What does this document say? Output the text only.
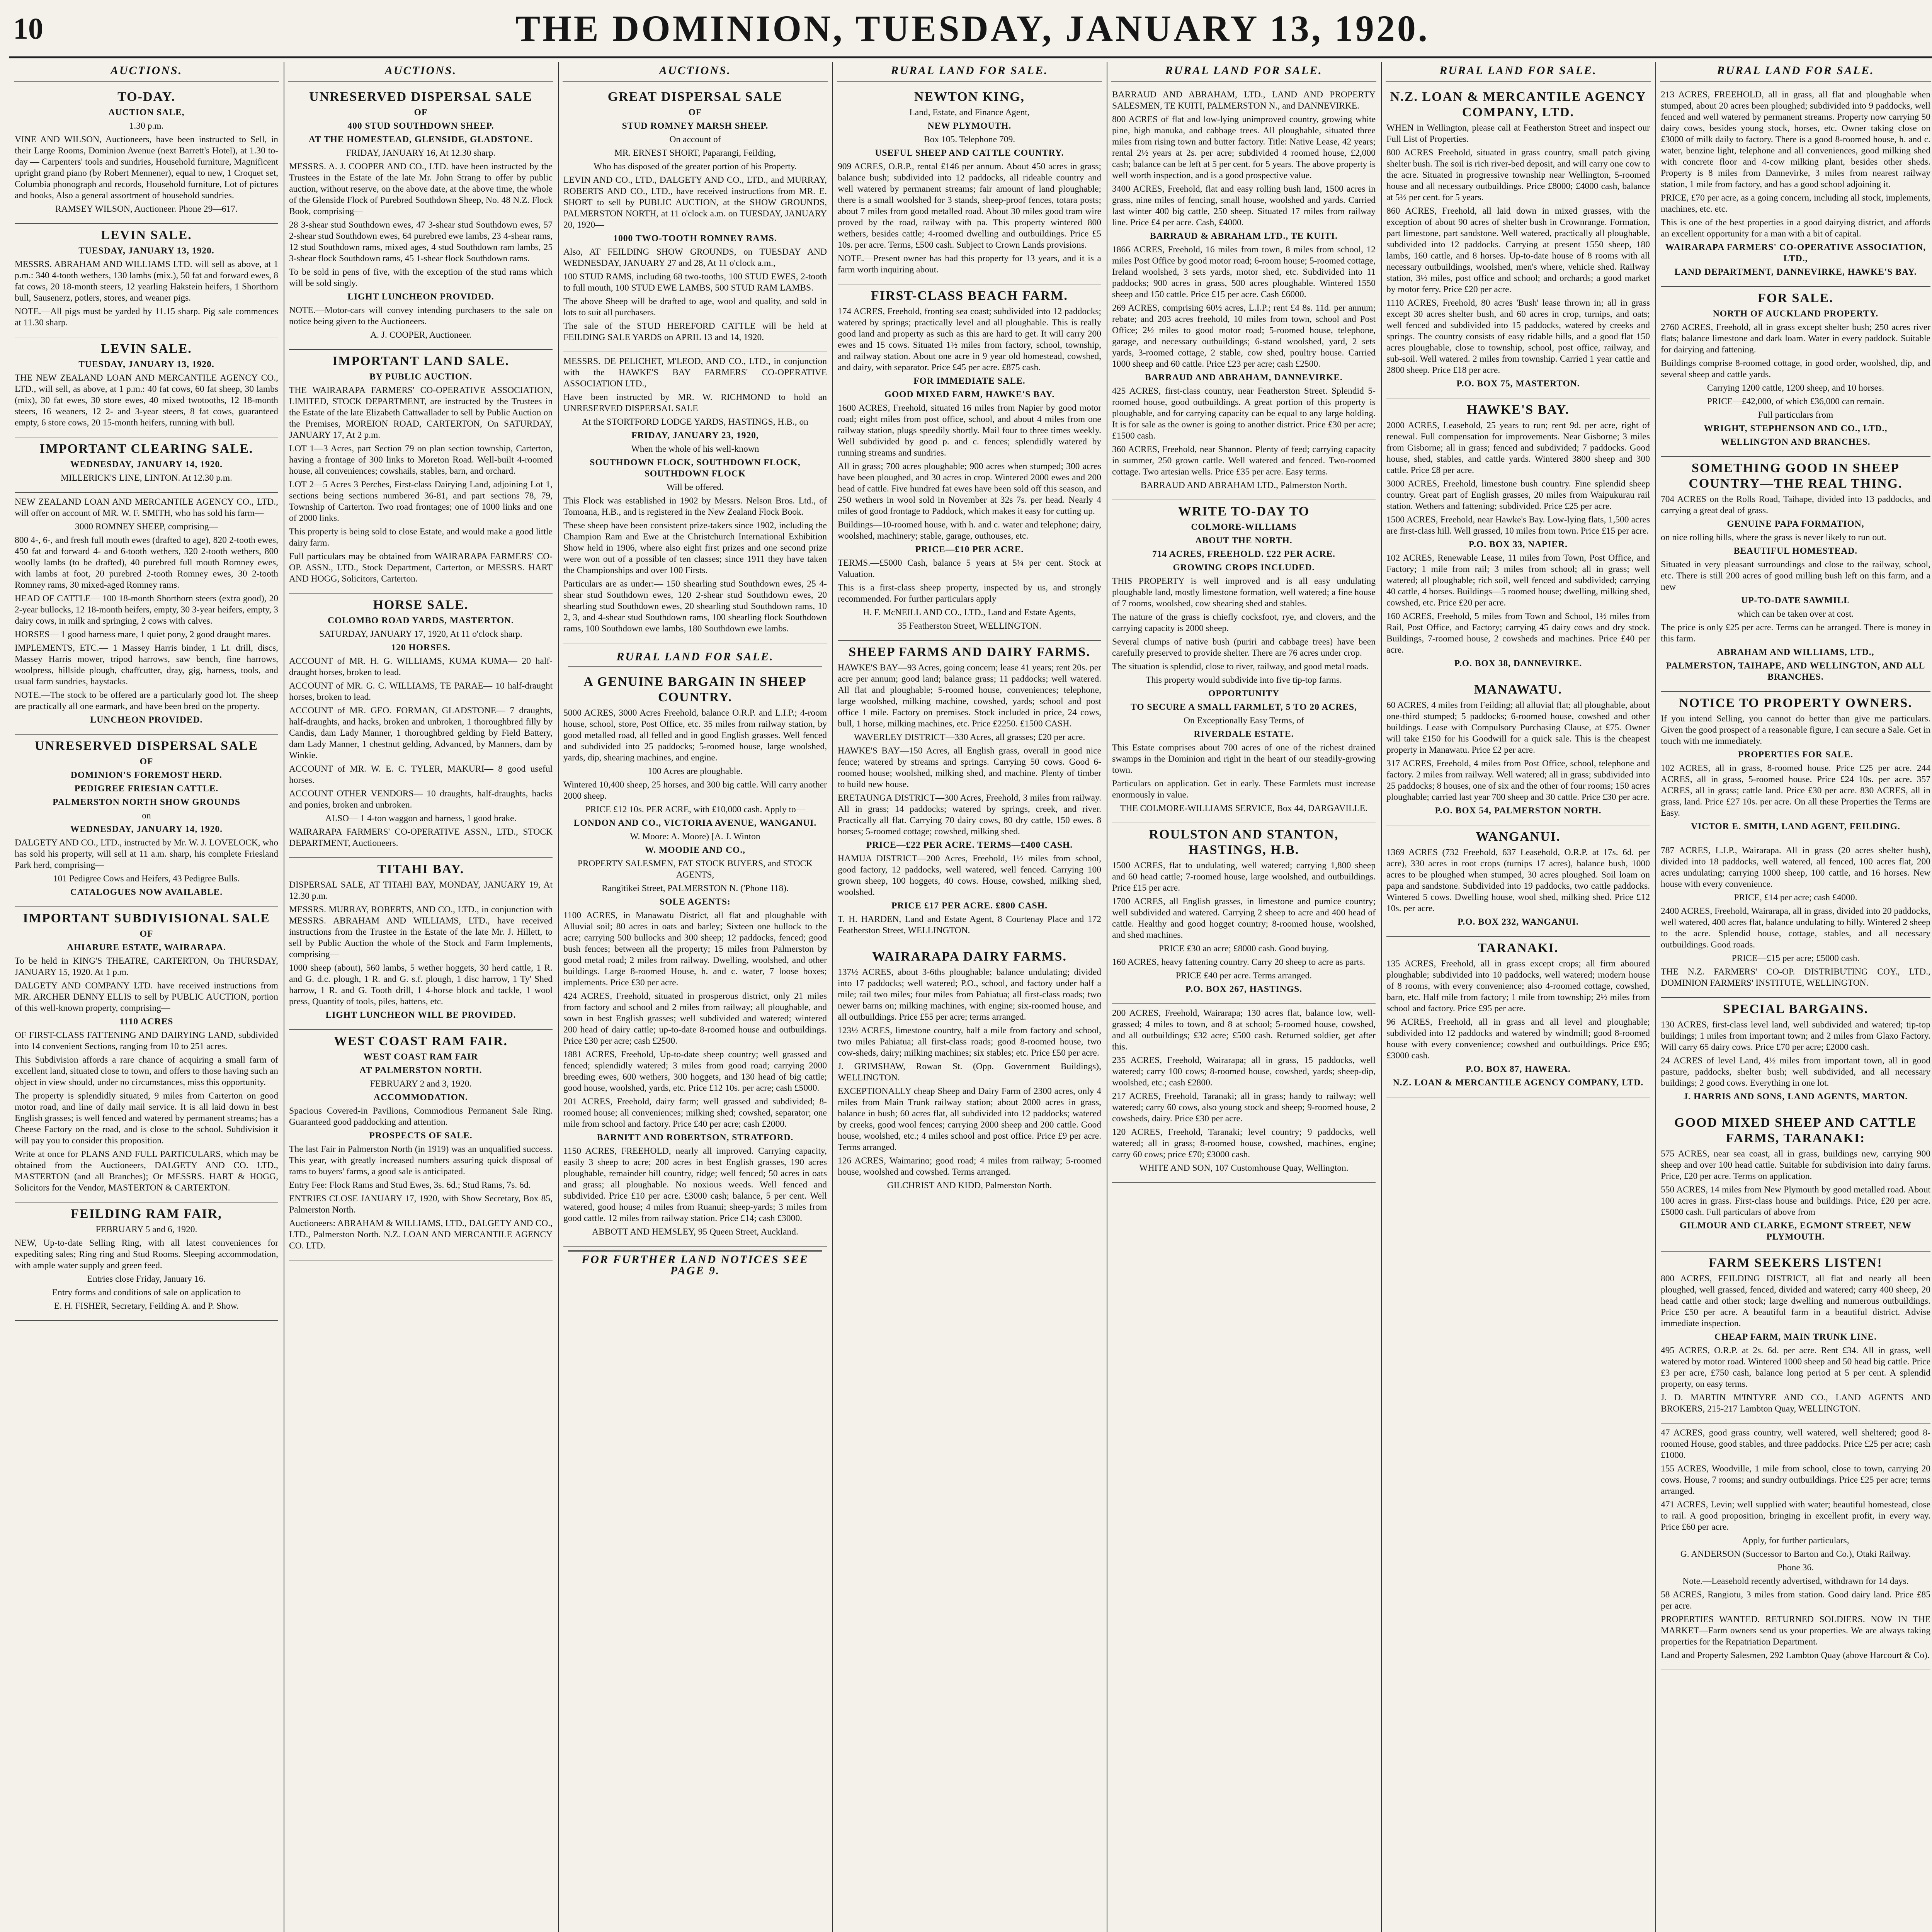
10	THE DOMINION, TUESDAY, JANUARY 13, 1920.
AUCTIONS.

TO-DAY.

AUCTION SALE,

1.30 p.m.

VINE AND WILSON, Auctioneers, have been instructed to Sell, in their Large Rooms, Dominion Avenue (next Barrett's Hotel), at 1.30 to-day — Carpenters' tools and sundries, Household furniture, Magnificent upright grand piano (by Robert Mennener), equal to new, 1 Croquet set, Columbia phonograph and records, Household furniture, Lot of pictures and books, Also a general assortment of household sundries.

RAMSEY WILSON, Auctioneer. Phone 29—617.

LEVIN SALE.

TUESDAY, JANUARY 13, 1920.

MESSRS. ABRAHAM AND WILLIAMS LTD. will sell as above, at 1 p.m.: 340 4-tooth wethers, 130 lambs (mix.), 50 fat and forward ewes, 8 fat cows, 20 18-month steers, 12 yearling Hakstein heifers, 1 Shorthorn bull, Sausenerz, potlers, stores, and weaner pigs.

NOTE.—All pigs must be yarded by 11.15 sharp. Pig sale commences at 11.30 sharp.

LEVIN SALE.

TUESDAY, JANUARY 13, 1920.

THE NEW ZEALAND LOAN AND MERCANTILE AGENCY CO., LTD., will sell, as above, at 1 p.m.: 40 fat cows, 60 fat sheep, 30 lambs (mix), 30 fat ewes, 30 store ewes, 40 mixed twotooths, 12 18-month steers, 16 weaners, 12 2- and 3-year steers, 8 fat cows, guaranteed empty, 6 store cows, 20 15-month heifers, running with bull.

IMPORTANT CLEARING SALE.

WEDNESDAY, JANUARY 14, 1920.

MILLERICK'S LINE, LINTON. At 12.30 p.m.

NEW ZEALAND LOAN AND MERCANTILE AGENCY CO., LTD., will offer on account of MR. W. F. SMITH, who has sold his farm—

3000 ROMNEY SHEEP, comprising—

800 4-, 6-, and fresh full mouth ewes (drafted to age), 820 2-tooth ewes, 450 fat and forward 4- and 6-tooth wethers, 320 2-tooth wethers, 800 woolly lambs (to be drafted), 40 purebred full mouth Romney ewes, with lambs at foot, 20 purebred 2-tooth Romney ewes, 30 2-tooth Romney rams, 30 mixed-aged Romney rams.

HEAD OF CATTLE— 100 18-month Shorthorn steers (extra good), 20 2-year bullocks, 12 18-month heifers, empty, 30 3-year heifers, empty, 3 dairy cows, in milk and springing, 2 cows with calves.

HORSES— 1 good harness mare, 1 quiet pony, 2 good draught mares.

IMPLEMENTS, ETC.— 1 Massey Harris binder, 1 Lt. drill, discs, Massey Harris mower, tripod harrows, saw bench, fine harrows, woolpress, hillside plough, chaffcutter, dray, gig, harness, tools, and usual farm sundries, haystacks.

NOTE.—The stock to be offered are a particularly good lot. The sheep are practically all one earmark, and have been bred on the property.

LUNCHEON PROVIDED.

UNRESERVED DISPERSAL SALE

OF

DOMINION'S FOREMOST HERD.

PEDIGREE FRIESIAN CATTLE.

PALMERSTON NORTH SHOW GROUNDS

on

WEDNESDAY, JANUARY 14, 1920.

DALGETY AND CO., LTD., instructed by Mr. W. J. LOVELOCK, who has sold his property, will sell at 11 a.m. sharp, his complete Friesland Park herd, comprising—

101 Pedigree Cows and Heifers, 43 Pedigree Bulls.

CATALOGUES NOW AVAILABLE.

IMPORTANT SUBDIVISIONAL SALE

OF

AHIARURE ESTATE, WAIRARAPA.

To be held in KING'S THEATRE, CARTERTON, On THURSDAY, JANUARY 15, 1920. At 1 p.m.

DALGETY AND COMPANY LTD. have received instructions from MR. ARCHER DENNY ELLIS to sell by PUBLIC AUCTION, portion of this well-known property, comprising—

1110 ACRES

OF FIRST-CLASS FATTENING AND DAIRYING LAND, subdivided into 14 convenient Sections, ranging from 10 to 251 acres.

This Subdivision affords a rare chance of acquiring a small farm of excellent land, situated close to town, and offers to those having such an object in view should, under no circumstances, miss this opportunity.

The property is splendidly situated, 9 miles from Carterton on good motor road, and line of daily mail service. It is all laid down in best English grasses; is well fenced and watered by permanent streams; has a Cheese Factory on the road, and is close to the school. Subdivision it will pay you to consider this proposition.

Write at once for PLANS AND FULL PARTICULARS, which may be obtained from the Auctioneers, DALGETY AND CO. LTD., MASTERTON (and all Branches); Or MESSRS. HART & HOGG, Solicitors for the Vendor, MASTERTON & CARTERTON.

FEILDING RAM FAIR,

FEBRUARY 5 and 6, 1920.

NEW, Up-to-date Selling Ring, with all latest conveniences for expediting sales; Ring ring and Stud Rooms. Sleeping accommodation, with ample water supply and green feed.

Entries close Friday, January 16.

Entry forms and conditions of sale on application to

E. H. FISHER, Secretary, Feilding A. and P. Show.

AUCTIONS.

UNRESERVED DISPERSAL SALE

OF

400 STUD SOUTHDOWN SHEEP.

AT THE HOMESTEAD, GLENSIDE, GLADSTONE.

FRIDAY, JANUARY 16, At 12.30 sharp.

MESSRS. A. J. COOPER AND CO., LTD. have been instructed by the Trustees in the Estate of the late Mr. John Strang to offer by public auction, without reserve, on the above date, at the above time, the whole of the Glenside Flock of Purebred Southdown Sheep, No. 48 N.Z. Flock Book, comprising—

28 3-shear stud Southdown ewes, 47 3-shear stud Southdown ewes, 57 2-shear stud Southdown ewes, 64 purebred ewe lambs, 23 4-shear rams, 12 stud Southdown rams, mixed ages, 4 stud Southdown ram lambs, 25 3-shear flock Southdown rams, 45 1-shear flock Southdown rams.

To be sold in pens of five, with the exception of the stud rams which will be sold singly.

LIGHT LUNCHEON PROVIDED.

NOTE.—Motor-cars will convey intending purchasers to the sale on notice being given to the Auctioneers.

A. J. COOPER, Auctioneer.

IMPORTANT LAND SALE.

BY PUBLIC AUCTION.

THE WAIRARAPA FARMERS' CO-OPERATIVE ASSOCIATION, LIMITED, STOCK DEPARTMENT, are instructed by the Trustees in the Estate of the late Elizabeth Cattwallader to sell by Public Auction on the Premises, MOREION ROAD, CARTERTON, On SATURDAY, JANUARY 17, At 2 p.m.

LOT 1—3 Acres, part Section 79 on plan section township, Carterton, having a frontage of 300 links to Moreton Road. Well-built 4-roomed house, all conveniences; cowshails, stables, barn, and orchard.

LOT 2—5 Acres 3 Perches, First-class Dairying Land, adjoining Lot 1, sections being sections numbered 36-81, and part sections 78, 79, Township of Carterton. Two road frontages; one of 1000 links and one of 2000 links.

This property is being sold to close Estate, and would make a good little dairy farm.

Full particulars may be obtained from WAIRARAPA FARMERS' CO-OP. ASSN., LTD., Stock Department, Carterton, or MESSRS. HART AND HOGG, Solicitors, Carterton.

HORSE SALE.

COLOMBO ROAD YARDS, MASTERTON.

SATURDAY, JANUARY 17, 1920, At 11 o'clock sharp.

120 HORSES.

ACCOUNT of MR. H. G. WILLIAMS, KUMA KUMA— 20 half-draught horses, broken to lead.

ACCOUNT of MR. G. C. WILLIAMS, TE PARAE— 10 half-draught horses, broken to lead.

ACCOUNT of MR. GEO. FORMAN, GLADSTONE— 7 draughts, half-draughts, and hacks, broken and unbroken, 1 thoroughbred filly by Candis, dam Lady Manner, 1 thoroughbred gelding by Field Battery, dam Lady Manner, 1 chestnut gelding, Advanced, by Manners, dam by Winkie.

ACCOUNT of MR. W. E. C. TYLER, MAKURI— 8 good useful horses.

ACCOUNT OTHER VENDORS— 10 draughts, half-draughts, hacks and ponies, broken and unbroken.

ALSO— 1 4-ton waggon and harness, 1 good brake.

WAIRARAPA FARMERS' CO-OPERATIVE ASSN., LTD., STOCK DEPARTMENT, Auctioneers.

TITAHI BAY.

DISPERSAL SALE, AT TITAHI BAY, MONDAY, JANUARY 19, At 12.30 p.m.

MESSRS. MURRAY, ROBERTS, AND CO., LTD., in conjunction with MESSRS. ABRAHAM AND WILLIAMS, LTD., have received instructions from the Trustee in the Estate of the late Mr. J. Hillett, to sell by Public Auction the whole of the Stock and Farm Implements, comprising—

1000 sheep (about), 560 lambs, 5 wether hoggets, 30 herd cattle, 1 R. and G. d.c. plough, 1 R. and G. s.f. plough, 1 disc harrow, 1 Ty' Shed harrow, 1 R. and G. Tooth drill, 1 4-horse block and tackle, 1 wool press, Quantity of tools, piles, battens, etc.

LIGHT LUNCHEON WILL BE PROVIDED.

WEST COAST RAM FAIR.

WEST COAST RAM FAIR

AT PALMERSTON NORTH.

FEBRUARY 2 and 3, 1920.

ACCOMMODATION.

Spacious Covered-in Pavilions, Commodious Permanent Sale Ring. Guaranteed good paddocking and attention.

PROSPECTS OF SALE.

The last Fair in Palmerston North (in 1919) was an unqualified success. This year, with greatly increased numbers assuring quick disposal of rams to buyers' farms, a good sale is anticipated.

Entry Fee: Flock Rams and Stud Ewes, 3s. 6d.; Stud Rams, 7s. 6d.

ENTRIES CLOSE JANUARY 17, 1920, with Show Secretary, Box 85, Palmerston North.

Auctioneers: ABRAHAM & WILLIAMS, LTD., DALGETY AND CO., LTD., Palmerston North. N.Z. LOAN AND MERCANTILE AGENCY CO. LTD.

AUCTIONS.

GREAT DISPERSAL SALE

OF

STUD ROMNEY MARSH SHEEP.

On account of

MR. ERNEST SHORT, Paparangi, Feilding,

Who has disposed of the greater portion of his Property.

LEVIN AND CO., LTD., DALGETY AND CO., LTD., and MURRAY, ROBERTS AND CO., LTD., have received instructions from MR. E. SHORT to sell by PUBLIC AUCTION, at the SHOW GROUNDS, PALMERSTON NORTH, at 11 o'clock a.m. on TUESDAY, JANUARY 20, 1920—

1000 TWO-TOOTH ROMNEY RAMS.

Also, AT FEILDING SHOW GROUNDS, on TUESDAY AND WEDNESDAY, JANUARY 27 and 28, At 11 o'clock a.m.,

100 STUD RAMS, including 68 two-tooths, 100 STUD EWES, 2-tooth to full mouth, 100 STUD EWE LAMBS, 500 STUD RAM LAMBS.

The above Sheep will be drafted to age, wool and quality, and sold in lots to suit all purchasers.

The sale of the STUD HEREFORD CATTLE will be held at FEILDING SALE YARDS on APRIL 13 and 14, 1920.

MESSRS. DE PELICHET, M'LEOD, AND CO., LTD., in conjunction with the HAWKE'S BAY FARMERS' CO-OPERATIVE ASSOCIATION LTD.,

Have been instructed by MR. W. RICHMOND to hold an UNRESERVED DISPERSAL SALE

At the STORTFORD LODGE YARDS, HASTINGS, H.B., on

FRIDAY, JANUARY 23, 1920,

When the whole of his well-known

SOUTHDOWN FLOCK, SOUTHDOWN FLOCK, SOUTHDOWN FLOCK

Will be offered.

This Flock was established in 1902 by Messrs. Nelson Bros. Ltd., of Tomoana, H.B., and is registered in the New Zealand Flock Book.

These sheep have been consistent prize-takers since 1902, including the Champion Ram and Ewe at the Christchurch International Exhibition Show held in 1906, where also eight first prizes and one second prize were won out of a possible of ten classes; since 1911 they have taken the Championships and over 100 Firsts.

Particulars are as under:— 150 shearling stud Southdown ewes, 25 4-shear stud Southdown ewes, 120 2-shear stud Southdown ewes, 20 shearling stud Southdown ewes, 20 shearling stud Southdown rams, 10 2, 3, and 4-shear stud Southdown rams, 100 shearling flock Southdown rams, 100 Southdown ewe lambs, 180 Southdown ewe lambs.

RURAL LAND FOR SALE.

A GENUINE BARGAIN IN SHEEP COUNTRY.

5000 ACRES, 3000 Acres Freehold, balance O.R.P. and L.I.P.; 4-room house, school, store, Post Office, etc. 35 miles from railway station, by good metalled road, all felled and in good English grasses. Well fenced and subdivided into 25 paddocks; 5-roomed house, large woolshed, yards, dip, shearing machines, and engine.

100 Acres are ploughable.

Wintered 10,400 sheep, 25 horses, and 300 big cattle. Will carry another 2000 sheep.

PRICE £12 10s. PER ACRE, with £10,000 cash. Apply to—

LONDON AND CO., VICTORIA AVENUE, WANGANUI.

W. Moore: A. Moore) [A. J. Winton

W. MOODIE AND CO.,

PROPERTY SALESMEN, FAT STOCK BUYERS, and STOCK AGENTS,

Rangitikei Street, PALMERSTON N. ('Phone 118).

SOLE AGENTS:

1100 ACRES, in Manawatu District, all flat and ploughable with Alluvial soil; 80 acres in oats and barley; Sixteen one bullock to the acre; carrying 500 bullocks and 300 sheep; 12 paddocks, fenced; good bush fences; between all the property; 15 miles from Palmerston by good metal road; 2 miles from railway. Dwelling, woolshed, and other buildings. Large 8-roomed House, h. and c. water, 7 loose boxes; implements. Price £30 per acre.

424 ACRES, Freehold, situated in prosperous district, only 21 miles from factory and school and 2 miles from railway; all ploughable, and sown in best English grasses; well subdivided and watered; wintered 200 head of dairy cattle; up-to-date 8-roomed house and outbuildings. Price £30 per acre; cash £2500.

1881 ACRES, Freehold, Up-to-date sheep country; well grassed and fenced; splendidly watered; 3 miles from good road; carrying 2000 breeding ewes, 600 wethers, 300 hoggets, and 130 head of big cattle; good house, woolshed, yards, etc. Price £12 10s. per acre; cash £5000.

201 ACRES, Freehold, dairy farm; well grassed and subdivided; 8-roomed house; all conveniences; milking shed; cowshed, separator; one mile from school and factory. Price £40 per acre; cash £2000.

BARNITT AND ROBERTSON, STRATFORD.

1150 ACRES, FREEHOLD, nearly all improved. Carrying capacity, easily 3 sheep to acre; 200 acres in best English grasses, 190 acres ploughable, remainder hill country, ridge; well fenced; 50 acres in oats and grass; all ploughable. No noxious weeds. Well fenced and subdivided. Price £10 per acre. £3000 cash; balance, 5 per cent. Well watered, good house; 4 miles from Ruanui; sheep-yards; 3 miles from good cattle. 12 miles from railway station. Price £14; cash £3000.

ABBOTT AND HEMSLEY, 95 Queen Street, Auckland.

FOR FURTHER LAND NOTICES SEE PAGE 9.
RURAL LAND FOR SALE.

NEWTON KING,

Land, Estate, and Finance Agent,

NEW PLYMOUTH.

Box 105. Telephone 709.

USEFUL SHEEP AND CATTLE COUNTRY.

909 ACRES, O.R.P., rental £146 per annum. About 450 acres in grass; balance bush; subdivided into 12 paddocks, all rideable country and well watered by permanent streams; fair amount of land ploughable; there is a small woolshed for 3 stands, sheep-proof fences, totara posts; about 7 miles from good metalled road. About 30 miles good tram wire proved by the road, railway with pa. This property wintered 800 wethers, besides cattle; 4-roomed dwelling and outbuildings. Price £5 10s. per acre. Terms, £500 cash. Subject to Crown Lands provisions.

NOTE.—Present owner has had this property for 13 years, and it is a farm worth inquiring about.

FIRST-CLASS BEACH FARM.

174 ACRES, Freehold, fronting sea coast; subdivided into 12 paddocks; watered by springs; practically level and all ploughable. This is really good land and property as such as this are hard to get. It will carry 200 ewes and 15 cows. Situated 1½ miles from factory, school, township, and railway station. About one acre in 9 year old homestead, cowshed, and dairy, with separator. Price £45 per acre. £875 cash.

FOR IMMEDIATE SALE.

GOOD MIXED FARM, HAWKE'S BAY.

1600 ACRES, Freehold, situated 16 miles from Napier by good motor road; eight miles from post office, school, and about 4 miles from one railway station, plugs speedily shortly. Mail four to three times weekly. Well subdivided by good p. and c. fences; splendidly watered by running streams and sundries.

All in grass; 700 acres ploughable; 900 acres when stumped; 300 acres have been ploughed, and 30 acres in crop. Wintered 2000 ewes and 200 head of cattle. Five hundred fat ewes have been sold off this season, and 250 wethers in wool sold in November at 32s 7s. per head. Nearly 4 miles of good frontage to Paddock, which makes it easy for cutting up.

Buildings—10-roomed house, with h. and c. water and telephone; dairy, woolshed, machinery; stable, garage, outhouses, etc.

PRICE—£10 PER ACRE.

TERMS.—£5000 Cash, balance 5 years at 5¼ per cent. Stock at Valuation.

This is a first-class sheep property, inspected by us, and strongly recommended. For further particulars apply

H. F. McNEILL AND CO., LTD., Land and Estate Agents,

35 Featherston Street, WELLINGTON.

SHEEP FARMS AND DAIRY FARMS.

HAWKE'S BAY—93 Acres, going concern; lease 41 years; rent 20s. per acre per annum; good land; balance grass; 11 paddocks; well watered. All flat and ploughable; 5-roomed house, conveniences; telephone, large woolshed, milking machine, cowshed, yards; school and post office 1 mile. Factory on premises. Stock included in price, 24 cows, bull, 1 horse, milking machines, etc. Price £2250. £1500 CASH.

WAVERLEY DISTRICT—330 Acres, all grasses; £20 per acre.

HAWKE'S BAY—150 Acres, all English grass, overall in good nice fence; watered by streams and springs. Carrying 50 cows. Good 6-roomed house; woolshed, milking shed, and machine. Plenty of timber to build new house.

ERETAUNGA DISTRICT—300 Acres, Freehold, 3 miles from railway. All in grass; 14 paddocks; watered by springs, creek, and river. Practically all flat. Carrying 70 dairy cows, 80 dry cattle, 150 ewes. 8 horses; 5-roomed cottage; cowshed, milking shed.

PRICE—£22 PER ACRE. TERMS—£400 CASH.

HAMUA DISTRICT—200 Acres, Freehold, 1½ miles from school, good factory, 12 paddocks, well watered, well fenced. Carrying 100 grown sheep, 100 hoggets, 40 cows. House, cowshed, milking shed, woolshed.

PRICE £17 PER ACRE. £800 CASH.

T. H. HARDEN, Land and Estate Agent, 8 Courtenay Place and 172 Featherston Street, WELLINGTON.

WAIRARAPA DAIRY FARMS.

137½ ACRES, about 3-6ths ploughable; balance undulating; divided into 17 paddocks; well watered; P.O., school, and factory under half a mile; rail two miles; four miles from Pahiatua; all first-class roads; two newer barns on; milking machines, with engine; six-roomed house, and all outbuildings. Price £55 per acre; terms arranged.

123½ ACRES, limestone country, half a mile from factory and school, two miles Pahiatua; all first-class roads; good 8-roomed house, two cow-sheds, dairy; milking machines; six stables; etc. Price £50 per acre.

J. GRIMSHAW, Rowan St. (Opp. Government Buildings), WELLINGTON.

EXCEPTIONALLY cheap Sheep and Dairy Farm of 2300 acres, only 4 miles from Main Trunk railway station; about 2000 acres in grass, balance in bush; 60 acres flat, all subdivided into 12 paddocks; watered by creeks, good wool fences; carrying 2000 sheep and 200 cattle. Good house, woolshed, etc.; 4 miles school and post office. Price £9 per acre. Terms arranged.

126 ACRES, Waimarino; good road; 4 miles from railway; 5-roomed house, woolshed and cowshed. Terms arranged.

GILCHRIST AND KIDD, Palmerston North.

RURAL LAND FOR SALE.

BARRAUD AND ABRAHAM, LTD., LAND AND PROPERTY SALESMEN, TE KUITI, PALMERSTON N., and DANNEVIRKE.

800 ACRES of flat and low-lying unimproved country, growing white pine, high manuka, and cabbage trees. All ploughable, situated three miles from rising town and butter factory. Title: Native Lease, 42 years; rental 2½ years at 2s. per acre; subdivided 4 roomed house, £2,000 cash; balance can be left at 5 per cent. for 5 years. The above property is well worth inspection, and is a good prospective value.

3400 ACRES, Freehold, flat and easy rolling bush land, 1500 acres in grass, nine miles of fencing, small house, woolshed and yards. Carried last winter 400 big cattle, 250 sheep. Situated 17 miles from railway line. Price £4 per acre. Cash, £4000.

BARRAUD & ABRAHAM LTD., TE KUITI.

1866 ACRES, Freehold, 16 miles from town, 8 miles from school, 12 miles Post Office by good motor road; 6-room house; 5-roomed cottage, Ireland woolshed, 3 sets yards, motor shed, etc. Subdivided into 11 paddocks; 900 acres in grass, 500 acres ploughable. Wintered 1550 sheep and 150 cattle. Price £15 per acre. Cash £6000.

269 ACRES, comprising 60½ acres, L.I.P.; rent £4 8s. 11d. per annum; rebate; and 203 acres freehold, 10 miles from town, school and Post Office; 2½ miles to good motor road; 5-roomed house, telephone, garage, and necessary outbuildings; 6-stand woolshed, yard, 2 sets yards, 3-roomed cottage, 2 stable, cow shed, poultry house. Carried 1000 sheep and 60 cattle. Price £23 per acre; cash £2500.

BARRAUD AND ABRAHAM, DANNEVIRKE.

425 ACRES, first-class country, near Featherston Street. Splendid 5-roomed house, good outbuildings. A great portion of this property is ploughable, and for carrying capacity can be equal to any large holding. It is for sale as the owner is going to another district. Price £30 per acre; £1500 cash.

360 ACRES, Freehold, near Shannon. Plenty of feed; carrying capacity in summer, 250 grown cattle. Well watered and fenced. Two-roomed cottage. Two artesian wells. Price £35 per acre. Easy terms.

BARRAUD AND ABRAHAM LTD., Palmerston North.

WRITE TO-DAY TO

COLMORE-WILLIAMS

ABOUT THE NORTH.

714 ACRES, FREEHOLD. £22 PER ACRE.

GROWING CROPS INCLUDED.

THIS PROPERTY is well improved and is all easy undulating ploughable land, mostly limestone formation, well watered; a fine house of 7 rooms, woolshed, cow shearing shed and stables.

The nature of the grass is chiefly cocksfoot, rye, and clovers, and the carrying capacity is 2000 sheep.

Several clumps of native bush (puriri and cabbage trees) have been carefully preserved to provide shelter. There are 76 acres under crop.

The situation is splendid, close to river, railway, and good metal roads.

This property would subdivide into five tip-top farms.

OPPORTUNITY

TO SECURE A SMALL FARMLET, 5 TO 20 ACRES,

On Exceptionally Easy Terms, of

RIVERDALE ESTATE.

This Estate comprises about 700 acres of one of the richest drained swamps in the Dominion and right in the heart of our steadily-growing town.

Particulars on application. Get in early. These Farmlets must increase enormously in value.

THE COLMORE-WILLIAMS SERVICE, Box 44, DARGAVILLE.

ROULSTON AND STANTON, HASTINGS, H.B.

1500 ACRES, flat to undulating, well watered; carrying 1,800 sheep and 60 head cattle; 7-roomed house, large woolshed, and outbuildings. Price £15 per acre.

1700 ACRES, all English grasses, in limestone and pumice country; well subdivided and watered. Carrying 2 sheep to acre and 400 head of cattle. Healthy and good hogget country; 8-roomed house, woolshed, and shed machines.

PRICE £30 an acre; £8000 cash. Good buying.

160 ACRES, heavy fattening country. Carry 20 sheep to acre as parts.

PRICE £40 per acre. Terms arranged.

P.O. BOX 267, HASTINGS.

200 ACRES, Freehold, Wairarapa; 130 acres flat, balance low, well-grassed; 4 miles to town, and 8 at school; 5-roomed house, cowshed, and all outbuildings; £32 acre; £500 cash. Returned soldier, get after this.

235 ACRES, Freehold, Wairarapa; all in grass, 15 paddocks, well watered; carry 100 cows; 8-roomed house, cowshed, yards; sheep-dip, woolshed, etc.; cash £2800.

217 ACRES, Freehold, Taranaki; all in grass; handy to railway; well watered; carry 60 cows, also young stock and sheep; 9-roomed house, 2 cowsheds, dairy. Price £30 per acre.

120 ACRES, Freehold, Taranaki; level country; 9 paddocks, well watered; all in grass; 8-roomed house, cowshed, machines, engine; carry 60 cows; price £70; £3000 cash.

WHITE AND SON, 107 Customhouse Quay, Wellington.

RURAL LAND FOR SALE.

N.Z. LOAN & MERCANTILE AGENCY COMPANY, LTD.

WHEN in Wellington, please call at Featherston Street and inspect our Full List of Properties.

800 ACRES Freehold, situated in grass country, small patch giving shelter bush. The soil is rich river-bed deposit, and will carry one cow to the acre. Situated in progressive township near Wellington, 5-roomed house and all necessary outbuildings. Price £8000; £4000 cash, balance at 5½ per cent. for 5 years.

860 ACRES, Freehold, all laid down in mixed grasses, with the exception of about 90 acres of shelter bush in Crownrange. Formation, part limestone, part sandstone. Well watered, practically all ploughable, subdivided into 12 paddocks. Carrying at present 1550 sheep, 180 lambs, 160 cattle, and 8 horses. Up-to-date house of 8 rooms with all necessary outbuildings, woolshed, men's where, vehicle shed. Railway station, 3½ miles, post office and school; and orchards; a good market by motor ferry. Price £20 per acre.

1110 ACRES, Freehold, 80 acres 'Bush' lease thrown in; all in grass except 30 acres shelter bush, and 60 acres in crop, turnips, and oats; well fenced and subdivided into 15 paddocks, watered by creeks and springs. The country consists of easy ridable hills, and a good flat 150 acres ploughable, close to township, school, post office, railway, and sub-soil. Well watered. 2 miles from township. Carried 1 year cattle and 2800 sheep. Price £18 per acre.

P.O. BOX 75, MASTERTON.

HAWKE'S BAY.

2000 ACRES, Leasehold, 25 years to run; rent 9d. per acre, right of renewal. Full compensation for improvements. Near Gisborne; 3 miles from Gisborne; all in grass; fenced and subdivided; 7 paddocks. Good house, shed, stables, and cattle yards. Wintered 3800 sheep and 300 cattle. Price £8 per acre.

3000 ACRES, Freehold, limestone bush country. Fine splendid sheep country. Great part of English grasses, 20 miles from Waipukurau rail station. Wethers and fattening; subdivided. Price £25 per acre.

1500 ACRES, Freehold, near Hawke's Bay. Low-lying flats, 1,500 acres are first-class hill. Well grassed, 10 miles from town. Price £15 per acre.

P.O. BOX 33, NAPIER.

102 ACRES, Renewable Lease, 11 miles from Town, Post Office, and Factory; 1 mile from rail; 3 miles from school; all in grass; well watered; all ploughable; rich soil, well fenced and subdivided; carrying 40 cattle, 4 horses. Buildings—5 roomed house; dwelling, milking shed, cowshed, etc. Price £20 per acre.

160 ACRES, Freehold, 5 miles from Town and School, 1½ miles from Rail, Post Office, and Factory; carrying 45 dairy cows and dry stock. Buildings, 7-roomed house, 2 cowsheds and machines. Price £40 per acre.

P.O. BOX 38, DANNEVIRKE.

MANAWATU.

60 ACRES, 4 miles from Feilding; all alluvial flat; all ploughable, about one-third stumped; 5 paddocks; 6-roomed house, cowshed and other buildings. Lease with Compulsory Purchasing Clause, at £75. Owner will take £150 for his Goodwill for a quick sale. This is the cheapest property in Manawatu. Price £2 per acre.

317 ACRES, Freehold, 4 miles from Post Office, school, telephone and factory. 2 miles from railway. Well watered; all in grass; subdivided into 25 paddocks; 8 houses, one of six and the other of four rooms; 150 acres ploughable; carried last year 700 sheep and 30 cattle. Price £30 per acre.

P.O. BOX 54, PALMERSTON NORTH.

WANGANUI.

1369 ACRES (732 Freehold, 637 Leasehold, O.R.P. at 17s. 6d. per acre), 330 acres in root crops (turnips 17 acres), balance bush, 1000 acres to be ploughed when stumped, 30 acres ploughed. Soil loam on papa and sandstone. Subdivided into 19 paddocks, two cattle paddocks. Wintered 5 cows. Dwelling house, wool shed, milking shed. Price £12 10s. per acre.

P.O. BOX 232, WANGANUI.

TARANAKI.

135 ACRES, Freehold, all in grass except crops; all firm aboured ploughable; subdivided into 10 paddocks, well watered; modern house of 8 rooms, with every convenience; also 4-roomed cottage, cowshed, barn, etc. Half mile from factory; 1 mile from township; 2½ miles from school and factory. Price £95 per acre.

96 ACRES, Freehold, all in grass and all level and ploughable; subdivided into 12 paddocks and watered by windmill; good 8-roomed house with every convenience; cowshed and outbuildings. Price £95; £3000 cash.

P.O. BOX 87, HAWERA.

N.Z. LOAN & MERCANTILE AGENCY COMPANY, LTD.

RURAL LAND FOR SALE.

213 ACRES, FREEHOLD, all in grass, all flat and ploughable when stumped, about 20 acres been ploughed; subdivided into 9 paddocks, well fenced and well watered by permanent streams. Property now carrying 50 dairy cows, besides young stock, horses, etc. Owner taking close on £3000 of milk daily to factory. There is a good 8-roomed house, h. and c. water, benzine light, telephone and all conveniences, good milking shed with concrete floor and 4-cow milking plant, besides other sheds. Property is 8 miles from Dannevirke, 3 miles from nearest railway station, 1 mile from factory, and has a good school adjoining it.

PRICE, £70 per acre, as a going concern, including all stock, implements, machines, etc. etc.

This is one of the best properties in a good dairying district, and affords an excellent opportunity for a man with a bit of capital.

WAIRARAPA FARMERS' CO-OPERATIVE ASSOCIATION, LTD.,

LAND DEPARTMENT, DANNEVIRKE, HAWKE'S BAY.

FOR SALE.

NORTH OF AUCKLAND PROPERTY.

2760 ACRES, Freehold, all in grass except shelter bush; 250 acres river flats; balance limestone and dark loam. Water in every paddock. Suitable for dairying and fattening.

Buildings comprise 8-roomed cottage, in good order, woolshed, dip, and several sheep and cattle yards.

Carrying 1200 cattle, 1200 sheep, and 10 horses.

PRICE—£42,000, of which £36,000 can remain.

Full particulars from

WRIGHT, STEPHENSON AND CO., LTD.,

WELLINGTON AND BRANCHES.

SOMETHING GOOD IN SHEEP COUNTRY—THE REAL THING.

704 ACRES on the Rolls Road, Taihape, divided into 13 paddocks, and carrying a great deal of grass.

GENUINE PAPA FORMATION,

on nice rolling hills, where the grass is never likely to run out.

BEAUTIFUL HOMESTEAD.

Situated in very pleasant surroundings and close to the railway, school, etc. There is still 200 acres of good milling bush left on this farm, and a new

UP-TO-DATE SAWMILL

which can be taken over at cost.

The price is only £25 per acre. Terms can be arranged. There is money in this farm.

ABRAHAM AND WILLIAMS, LTD.,

PALMERSTON, TAIHAPE, AND WELLINGTON, AND ALL BRANCHES.

NOTICE TO PROPERTY OWNERS.

If you intend Selling, you cannot do better than give me particulars. Given the good prospect of a reasonable figure, I can secure a Sale. Get in touch with me immediately.

PROPERTIES FOR SALE.

102 ACRES, all in grass, 8-roomed house. Price £25 per acre. 244 ACRES, all in grass, 5-roomed house. Price £24 10s. per acre. 357 ACRES, all in grass; cattle land. Price £30 per acre. 830 ACRES, all in grass, land. Price £27 10s. per acre. On all these Properties the Terms are Easy.

VICTOR E. SMITH, LAND AGENT, FEILDING.

787 ACRES, L.I.P., Wairarapa. All in grass (20 acres shelter bush), divided into 18 paddocks, well watered, all fenced, 100 acres flat, 200 acres undulating; carrying 1000 sheep, 100 cattle, and 16 horses. New house with every convenience.

PRICE, £14 per acre; cash £4000.

2400 ACRES, Freehold, Wairarapa, all in grass, divided into 20 paddocks, well watered, 400 acres flat, balance undulating to hilly. Wintered 2 sheep to the acre. Splendid house, cottage, stables, and all necessary outbuildings. Good roads.

PRICE—£15 per acre; £5000 cash.

THE N.Z. FARMERS' CO-OP. DISTRIBUTING COY., LTD., DOMINION FARMERS' INSTITUTE, WELLINGTON.

SPECIAL BARGAINS.

130 ACRES, first-class level land, well subdivided and watered; tip-top buildings; 1 miles from important town; and 2 miles from Glaxo Factory. Will carry 65 dairy cows. Price £70 per acre; £2000 cash.

24 ACRES of level Land, 4½ miles from important town, all in good pasture, paddocks, shelter bush; well subdivided, and all necessary buildings; 2 good cows. Everything in one lot.

J. HARRIS AND SONS, LAND AGENTS, MARTON.

GOOD MIXED SHEEP AND CATTLE FARMS, TARANAKI:

575 ACRES, near sea coast, all in grass, buildings new, carrying 900 sheep and over 100 head cattle. Suitable for subdivision into dairy farms. Price, £20 per acre. Terms on application.

550 ACRES, 14 miles from New Plymouth by good metalled road. About 100 acres in grass. First-class house and buildings. Price, £20 per acre. £5000 cash. Full particulars of above from

GILMOUR AND CLARKE, EGMONT STREET, NEW PLYMOUTH.

FARM SEEKERS LISTEN!

800 ACRES, FEILDING DISTRICT, all flat and nearly all been ploughed, well grassed, fenced, divided and watered; carry 400 sheep, 20 head cattle and other stock; large dwelling and numerous outbuildings. Price £50 per acre. A beautiful farm in a beautiful district. Advise immediate inspection.

CHEAP FARM, MAIN TRUNK LINE.

495 ACRES, O.R.P. at 2s. 6d. per acre. Rent £34. All in grass, well watered by motor road. Wintered 1000 sheep and 50 head big cattle. Price £3 per acre, £750 cash, balance long period at 5 per cent. A splendid property, on easy terms.

J. D. MARTIN M'INTYRE AND CO., LAND AGENTS AND BROKERS, 215-217 Lambton Quay, WELLINGTON.

47 ACRES, good grass country, well watered, well sheltered; good 8-roomed House, good stables, and three paddocks. Price £25 per acre; cash £1000.

155 ACRES, Woodville, 1 mile from school, close to town, carrying 20 cows. House, 7 rooms; and sundry outbuildings. Price £25 per acre; terms arranged.

471 ACRES, Levin; well supplied with water; beautiful homestead, close to rail. A good proposition, bringing in excellent profit, in every way. Price £60 per acre.

Apply, for further particulars,

G. ANDERSON (Successor to Barton and Co.), Otaki Railway.

Phone 36.

Note.—Leasehold recently advertised, withdrawn for 14 days.

58 ACRES, Rangiotu, 3 miles from station. Good dairy land. Price £85 per acre.

PROPERTIES WANTED. RETURNED SOLDIERS. NOW IN THE MARKET—Farm owners send us your properties. We are always taking properties for the Repatriation Department.

Land and Property Salesmen, 292 Lambton Quay (above Harcourt & Co).
